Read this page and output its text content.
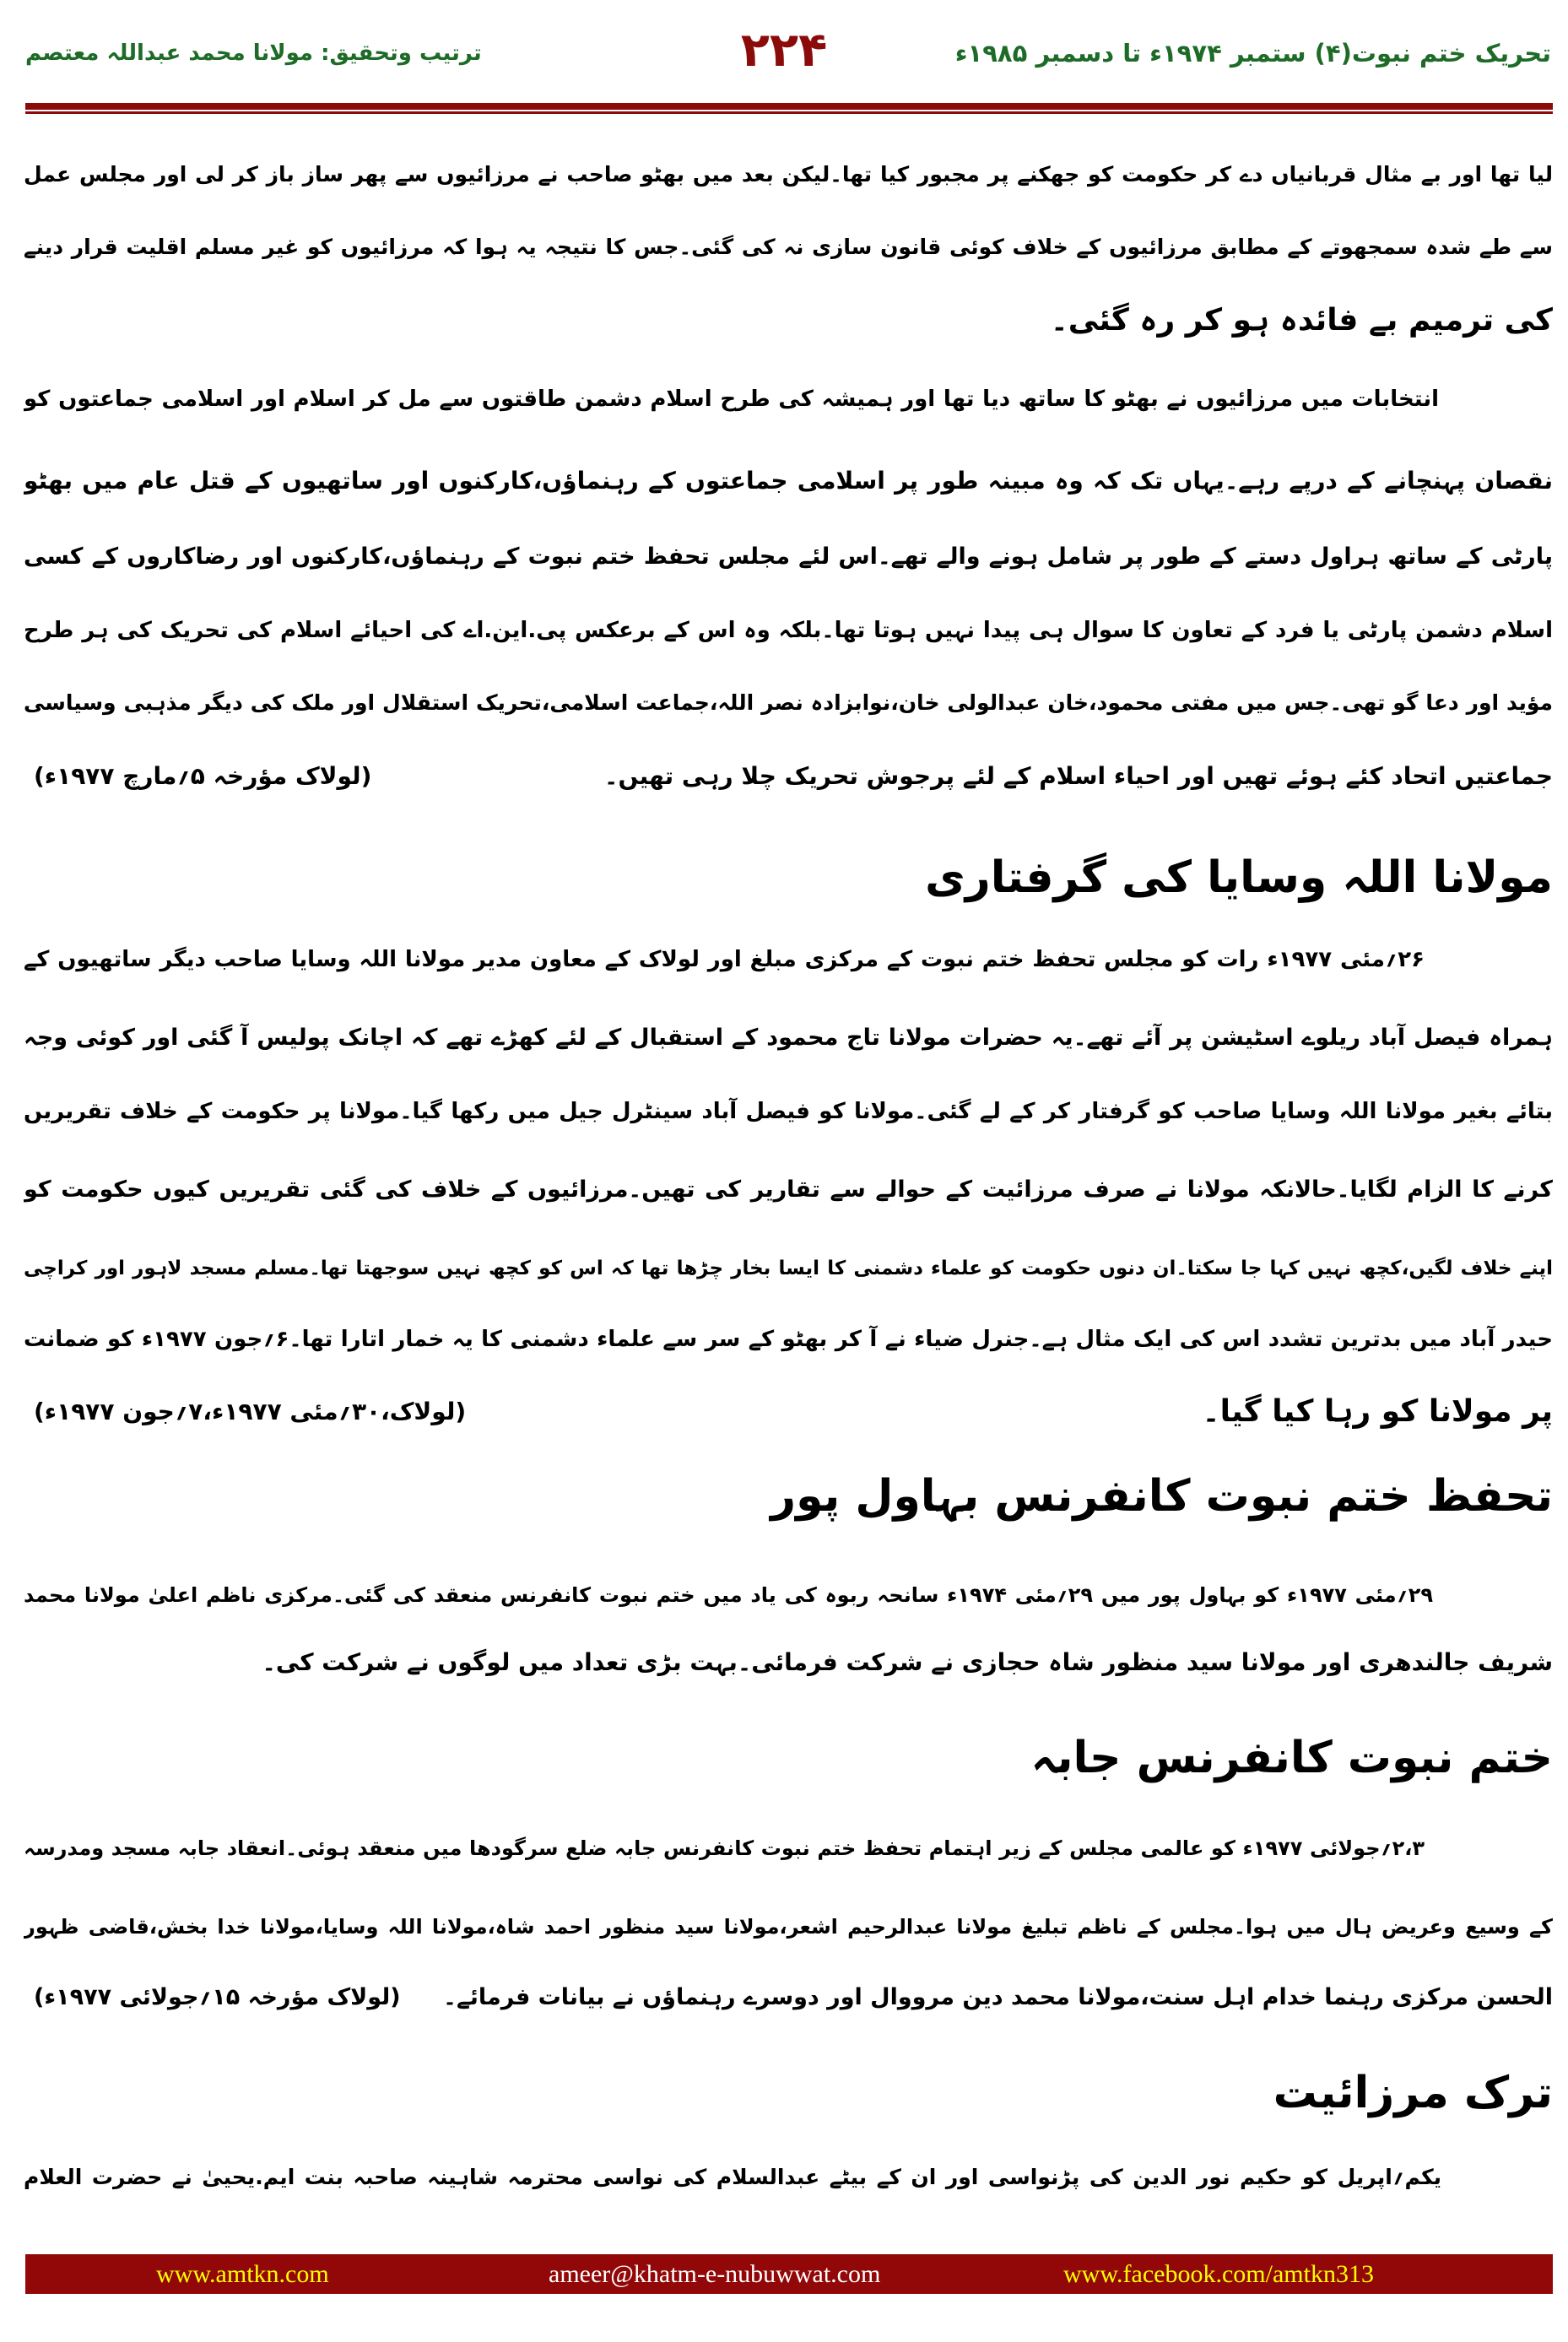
ترتیب وتحقیق: مولانا محمد عبداللہ معتصم	۲۲۴	تحریک ختم نبوت(۴) ستمبر ۱۹۷۴ء تا دسمبر ۱۹۸۵ء
لیا تھا اور بے مثال قربانیاں دے کر حکومت کو جھکنے پر مجبور کیا تھا۔لیکن بعد میں بھٹو صاحب نے مرزائیوں سے پھر ساز باز کر لی اور مجلس عمل
سے طے شدہ سمجھوتے کے مطابق مرزائیوں کے خلاف کوئی قانون سازی نہ کی گئی۔جس کا نتیجہ یہ ہوا کہ مرزائیوں کو غیر مسلم اقلیت قرار دینے
کی ترمیم بے فائدہ ہو کر رہ گئی۔
انتخابات میں مرزائیوں نے بھٹو کا ساتھ دیا تھا اور ہمیشہ کی طرح اسلام دشمن طاقتوں سے مل کر اسلام اور اسلامی جماعتوں کو
نقصان پہنچانے کے درپے رہے۔یہاں تک کہ وہ مبینہ طور پر اسلامی جماعتوں کے رہنماؤں،کارکنوں اور ساتھیوں کے قتل عام میں بھٹو
پارٹی کے ساتھ ہراول دستے کے طور پر شامل ہونے والے تھے۔اس لئے مجلس تحفظ ختم نبوت کے رہنماؤں،کارکنوں اور رضاکاروں کے کسی
اسلام دشمن پارٹی یا فرد کے تعاون کا سوال ہی پیدا نہیں ہوتا تھا۔بلکہ وہ اس کے برعکس پی.این.اے کی احیائے اسلام کی تحریک کی ہر طرح
مؤید اور دعا گو تھی۔جس میں مفتی محمود،خان عبدالولی خان،نوابزادہ نصر اللہ،جماعت اسلامی،تحریک استقلال اور ملک کی دیگر مذہبی وسیاسی
جماعتیں اتحاد کئے ہوئے تھیں اور احیاء اسلام کے لئے پرجوش تحریک چلا رہی تھیں۔
(لولاک مؤرخہ ۵؍مارچ ۱۹۷۷ء)
مولانا اللہ وسایا کی گرفتاری
۲۶؍مئی ۱۹۷۷ء رات کو مجلس تحفظ ختم نبوت کے مرکزی مبلغ اور لولاک کے معاون مدیر مولانا اللہ وسایا صاحب دیگر ساتھیوں کے
ہمراہ فیصل آباد ریلوے اسٹیشن پر آئے تھے۔یہ حضرات مولانا تاج محمود کے استقبال کے لئے کھڑے تھے کہ اچانک پولیس آ گئی اور کوئی وجہ
بتائے بغیر مولانا اللہ وسایا صاحب کو گرفتار کر کے لے گئی۔مولانا کو فیصل آباد سینٹرل جیل میں رکھا گیا۔مولانا پر حکومت کے خلاف تقریریں
کرنے کا الزام لگایا۔حالانکہ مولانا نے صرف مرزائیت کے حوالے سے تقاریر کی تھیں۔مرزائیوں کے خلاف کی گئی تقریریں کیوں حکومت کو
اپنے خلاف لگیں،کچھ نہیں کہا جا سکتا۔ان دنوں حکومت کو علماء دشمنی کا ایسا بخار چڑھا تھا کہ اس کو کچھ نہیں سوجھتا تھا۔مسلم مسجد لاہور اور کراچی
حیدر آباد میں بدترین تشدد اس کی ایک مثال ہے۔جنرل ضیاء نے آ کر بھٹو کے سر سے علماء دشمنی کا یہ خمار اتارا تھا۔۶؍جون ۱۹۷۷ء کو ضمانت
پر مولانا کو رہا کیا گیا۔
(لولاک،۳۰؍مئی ۱۹۷۷ء،۷؍جون ۱۹۷۷ء)
تحفظ ختم نبوت کانفرنس بہاول پور
۲۹؍مئی ۱۹۷۷ء کو بہاول پور میں ۲۹؍مئی ۱۹۷۴ء سانحہ ربوہ کی یاد میں ختم نبوت کانفرنس منعقد کی گئی۔مرکزی ناظم اعلیٰ مولانا محمد
شریف جالندھری اور مولانا سید منظور شاہ حجازی نے شرکت فرمائی۔بہت بڑی تعداد میں لوگوں نے شرکت کی۔
ختم نبوت کانفرنس جابہ
۲،۳؍جولائی ۱۹۷۷ء کو عالمی مجلس کے زیر اہتمام تحفظ ختم نبوت کانفرنس جابہ ضلع سرگودھا میں منعقد ہوئی۔انعقاد جابہ مسجد ومدرسہ
کے وسیع وعریض ہال میں ہوا۔مجلس کے ناظم تبلیغ مولانا عبدالرحیم اشعر،مولانا سید منظور احمد شاہ،مولانا اللہ وسایا،مولانا خدا بخش،قاضی ظہور
الحسن مرکزی رہنما خدام اہل سنت،مولانا محمد دین مرووال اور دوسرے رہنماؤں نے بیانات فرمائے۔
(لولاک مؤرخہ ۱۵؍جولائی ۱۹۷۷ء)
ترک مرزائیت
یکم؍اپریل کو حکیم نور الدین کی پڑنواسی اور ان کے بیٹے عبدالسلام کی نواسی محترمہ شاہینہ صاحبہ بنت ایم.یحییٰ نے حضرت العلام
www.amtkn.com	ameer@khatm-e-nubuwwat.com	www.facebook.com/amtkn313
